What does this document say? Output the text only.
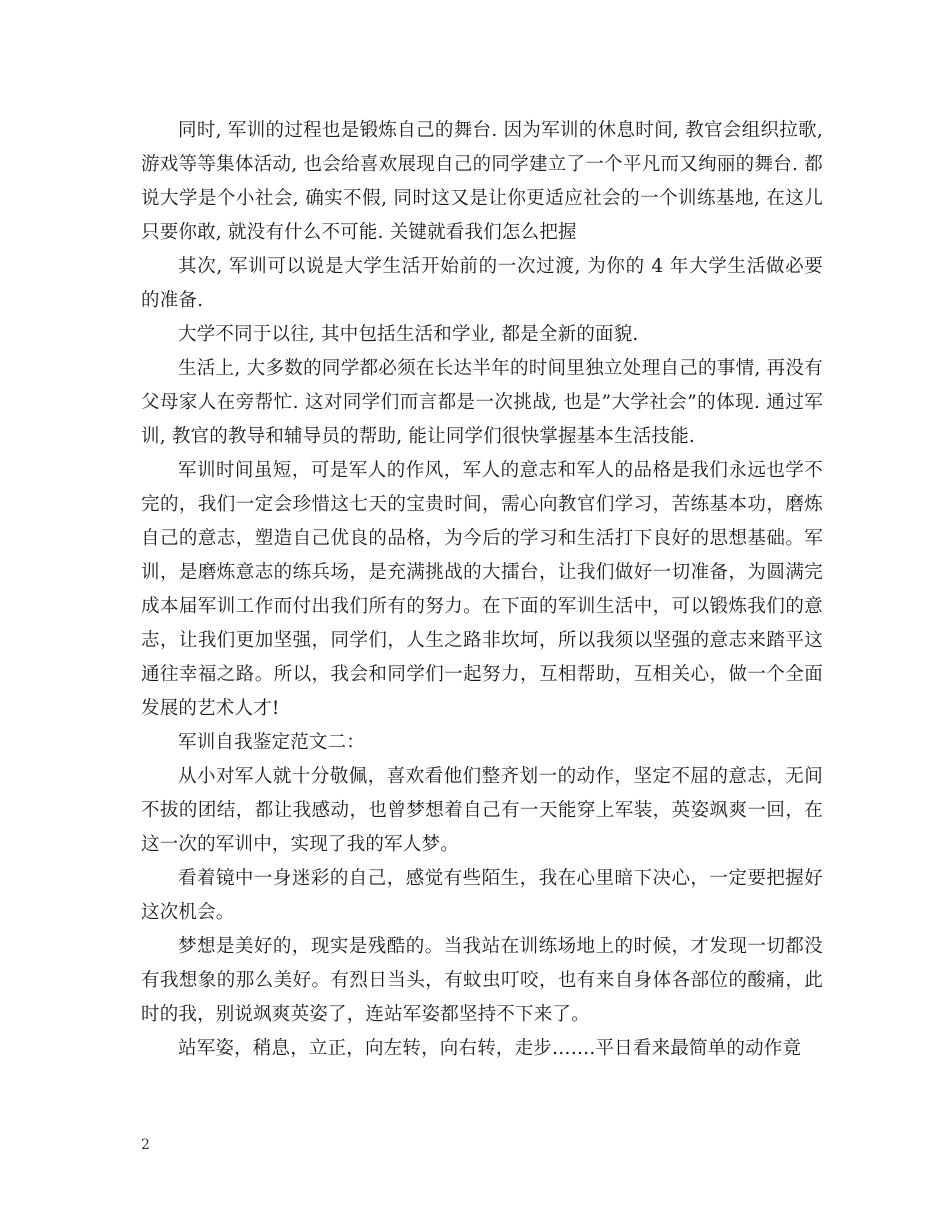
同时, 军训的过程也是锻炼自己的舞台. 因为军训的休息时间, 教官会组织拉歌, 游戏等等集体活动, 也会给喜欢展现自己的同学建立了一个平凡而又绚丽的舞台. 都说大学是个小社会, 确实不假, 同时这又是让你更适应社会的一个训练基地, 在这儿只要你敢, 就没有什么不可能. 关键就看我们怎么把握

其次, 军训可以说是大学生活开始前的一次过渡, 为你的 4 年大学生活做必要的准备.

大学不同于以往, 其中包括生活和学业, 都是全新的面貌.

生活上, 大多数的同学都必须在长达半年的时间里独立处理自己的事情, 再没有父母家人在旁帮忙. 这对同学们而言都是一次挑战, 也是”大学社会”的体现. 通过军训, 教官的教导和辅导员的帮助, 能让同学们很快掌握基本生活技能.

军训时间虽短，可是军人的作风，军人的意志和军人的品格是我们永远也学不完的，我们一定会珍惜这七天的宝贵时间，需心向教官们学习，苦练基本功，磨炼自己的意志，塑造自己优良的品格，为今后的学习和生活打下良好的思想基础。军训，是磨炼意志的练兵场，是充满挑战的大擂台，让我们做好一切准备，为圆满完成本届军训工作而付出我们所有的努力。在下面的军训生活中，可以锻炼我们的意志，让我们更加坚强，同学们，人生之路非坎坷，所以我须以坚强的意志来踏平这通往幸福之路。所以，我会和同学们一起努力，互相帮助，互相关心，做一个全面发展的艺术人才!

军训自我鉴定范文二：

从小对军人就十分敬佩，喜欢看他们整齐划一的动作，坚定不屈的意志，无间不拔的团结，都让我感动，也曾梦想着自己有一天能穿上军装，英姿飒爽一回，在这一次的军训中，实现了我的军人梦。

看着镜中一身迷彩的自己，感觉有些陌生，我在心里暗下决心，一定要把握好这次机会。

梦想是美好的，现实是残酷的。当我站在训练场地上的时候，才发现一切都没有我想象的那么美好。有烈日当头，有蚊虫叮咬，也有来自身体各部位的酸痛，此时的我，别说飒爽英姿了，连站军姿都坚持不下来了。

站军姿，稍息，立正，向左转，向右转，走步…….平日看来最简单的动作竟

2
